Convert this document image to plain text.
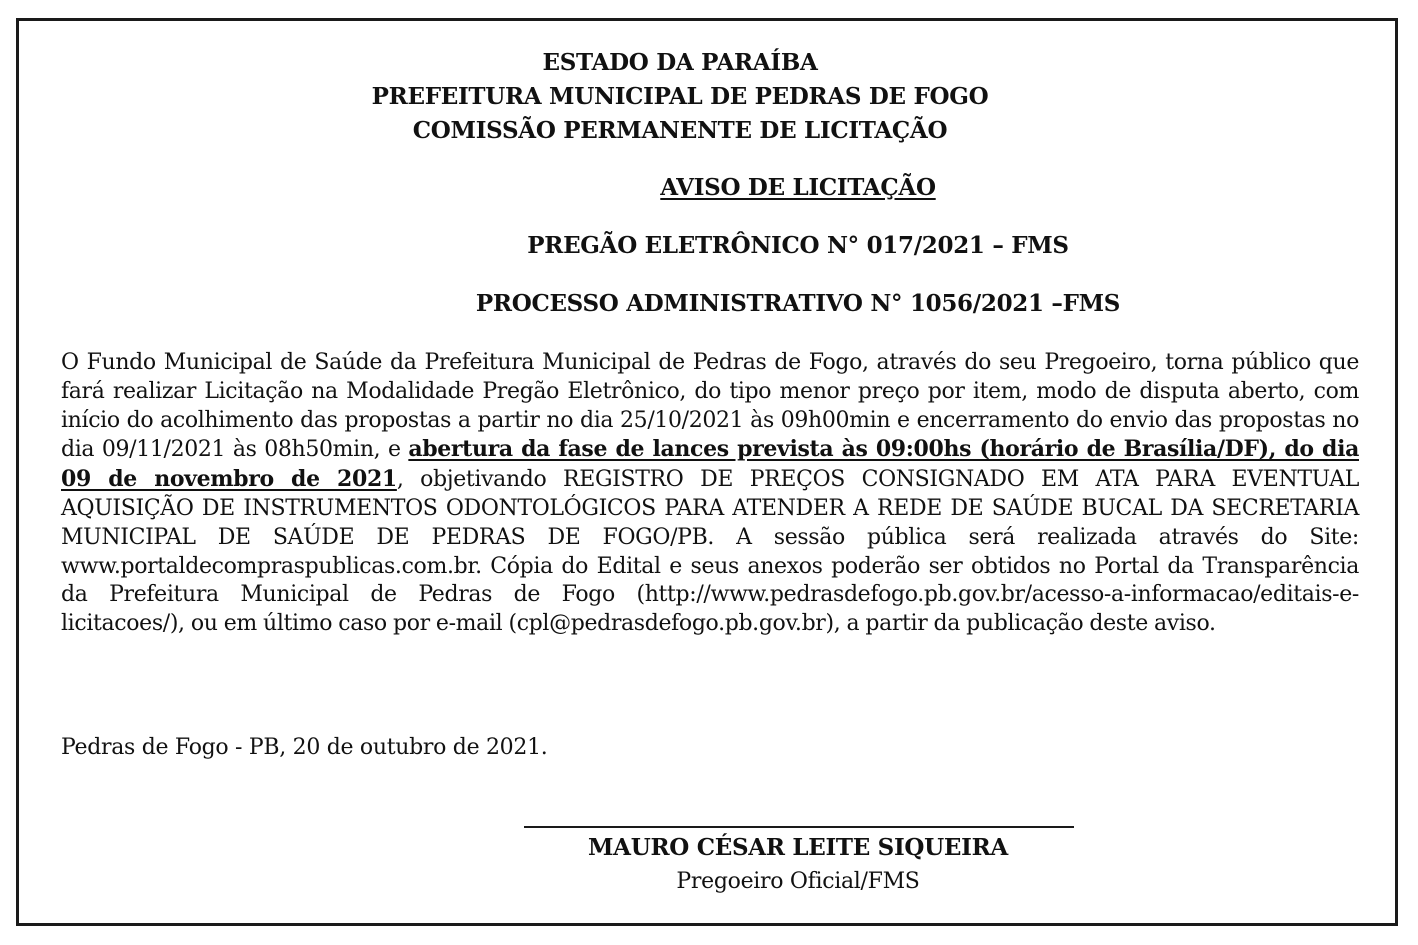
ESTADO DA PARAÍBA
PREFEITURA MUNICIPAL DE PEDRAS DE FOGO
COMISSÃO PERMANENTE DE LICITAÇÃO
AVISO DE LICITAÇÃO
PREGÃO ELETRÔNICO N° 017/2021 – FMS
PROCESSO ADMINISTRATIVO N° 1056/2021 –FMS
O Fundo Municipal de Saúde da Prefeitura Municipal de Pedras de Fogo, através do seu Pregoeiro, torna público que fará realizar Licitação na Modalidade Pregão Eletrônico, do tipo menor preço por item, modo de disputa aberto, com início do acolhimento das propostas a partir no dia 25/10/2021 às 09h00min e encerramento do envio das propostas no dia 09/11/2021 às 08h50min, e abertura da fase de lances prevista às 09:00hs (horário de Brasília/DF), do dia 09 de novembro de 2021, objetivando REGISTRO DE PREÇOS CONSIGNADO EM ATA PARA EVENTUAL AQUISIÇÃO DE INSTRUMENTOS ODONTOLÓGICOS PARA ATENDER A REDE DE SAÚDE BUCAL DA SECRETARIA MUNICIPAL DE SAÚDE DE PEDRAS DE FOGO/PB. A sessão pública será realizada através do Site: www.portaldecompraspublicas.com.br. Cópia do Edital e seus anexos poderão ser obtidos no Portal da Transparência da Prefeitura Municipal de Pedras de Fogo (http://www.pedrasdefogo.pb.gov.br/acesso-a-informacao/editais-e-licitacoes/), ou em último caso por e-mail (cpl@pedrasdefogo.pb.gov.br), a partir da publicação deste aviso.
Pedras de Fogo - PB, 20 de outubro de 2021.
MAURO CÉSAR LEITE SIQUEIRA
Pregoeiro Oficial/FMS
